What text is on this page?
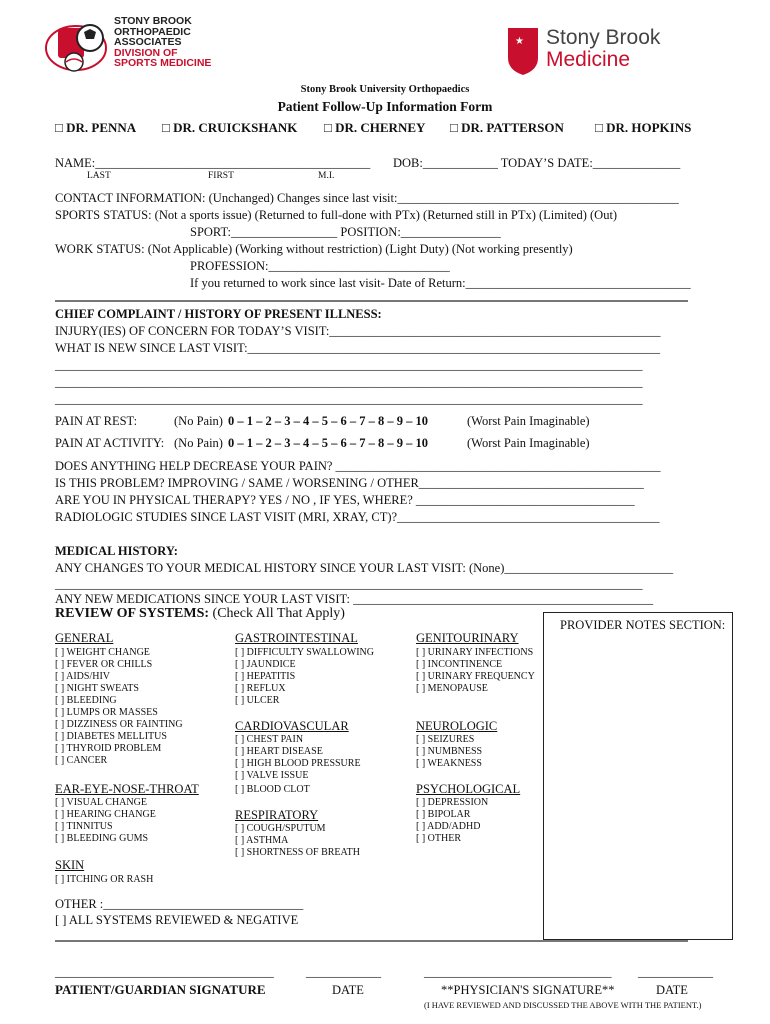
STONY BROOK
ORTHOPAEDIC
ASSOCIATES
DIVISION OF
SPORTS MEDICINE
★ Stony Brook
Medicine
Stony Brook University Orthopaedics
Patient Follow-Up Information Form
□ DR. PENNA □ DR. CRUICKSHANK □ DR. CHERNEY □ DR. PATTERSON □ DR. HOPKINS
NAME:____________________________________________ DOB:____________ TODAY’S DATE:______________
LAST	FIRST	M.I.
CONTACT INFORMATION: (Unchanged) Changes since last visit:_____________________________________________
SPORTS STATUS: (Not a sports issue) (Returned to full-done with PTx) (Returned still in PTx) (Limited) (Out)
SPORT:_________________ POSITION:________________
WORK STATUS: (Not Applicable) (Working without restriction) (Light Duty) (Not working presently)
PROFESSION:_____________________________
If you returned to work since last visit- Date of Return:____________________________________
CHIEF COMPLAINT / HISTORY OF PRESENT ILLNESS:
INJURY(IES) OF CONCERN FOR TODAY’S VISIT:_____________________________________________________
WHAT IS NEW SINCE LAST VISIT:__________________________________________________________________
______________________________________________________________________________________________
______________________________________________________________________________________________
______________________________________________________________________________________________
PAIN AT REST:	(No Pain) 0 – 1 – 2 – 3 – 4 – 5 – 6 – 7 – 8 – 9 – 10	(Worst Pain Imaginable)
PAIN AT ACTIVITY: (No Pain) 0 – 1 – 2 – 3 – 4 – 5 – 6 – 7 – 8 – 9 – 10	(Worst Pain Imaginable)
DOES ANYTHING HELP DECREASE YOUR PAIN? ____________________________________________________
IS THIS PROBLEM? IMPROVING / SAME / WORSENING / OTHER____________________________________
ARE YOU IN PHYSICAL THERAPY? YES / NO , IF YES, WHERE? ___________________________________
RADIOLOGIC STUDIES SINCE LAST VISIT (MRI, XRAY, CT)?__________________________________________
MEDICAL HISTORY:
ANY CHANGES TO YOUR MEDICAL HISTORY SINCE YOUR LAST VISIT: (None)___________________________
______________________________________________________________________________________________
ANY NEW MEDICATIONS SINCE YOUR LAST VISIT: ________________________________________________
REVIEW OF SYSTEMS: (Check All That Apply)
PROVIDER NOTES SECTION:
GENERAL
[ ] WEIGHT CHANGE
[ ] FEVER OR CHILLS
[ ] AIDS/HIV
[ ] NIGHT SWEATS
[ ] BLEEDING
[ ] LUMPS OR MASSES
[ ] DIZZINESS OR FAINTING
[ ] DIABETES MELLITUS
[ ] THYROID PROBLEM
[ ] CANCER
EAR-EYE-NOSE-THROAT
[ ] VISUAL CHANGE
[ ] HEARING CHANGE
[ ] TINNITUS
[ ] BLEEDING GUMS
SKIN
[ ] ITCHING OR RASH
GASTROINTESTINAL
[ ] DIFFICULTY SWALLOWING
[ ] JAUNDICE
[ ] HEPATITIS
[ ] REFLUX
[ ] ULCER
CARDIOVASCULAR
[ ] CHEST PAIN
[ ] HEART DISEASE
[ ] HIGH BLOOD PRESSURE
[ ] VALVE ISSUE
[ ] BLOOD CLOT
RESPIRATORY
[ ] COUGH/SPUTUM
[ ] ASTHMA
[ ] SHORTNESS OF BREATH
GENITOURINARY
[ ] URINARY INFECTIONS
[ ] INCONTINENCE
[ ] URINARY FREQUENCY
[ ] MENOPAUSE
NEUROLOGIC
[ ] SEIZURES
[ ] NUMBNESS
[ ] WEAKNESS
PSYCHOLOGICAL
[ ] DEPRESSION
[ ] BIPOLAR
[ ] ADD/ADHD
[ ] OTHER
OTHER :________________________________
[ ] ALL SYSTEMS REVIEWED & NEGATIVE
___________________________________	____________	______________________________ ____________
PATIENT/GUARDIAN SIGNATURE	DATE	**PHYSICIAN'S SIGNATURE**	DATE
(I HAVE REVIEWED AND DISCUSSED THE ABOVE WITH THE PATIENT.)
